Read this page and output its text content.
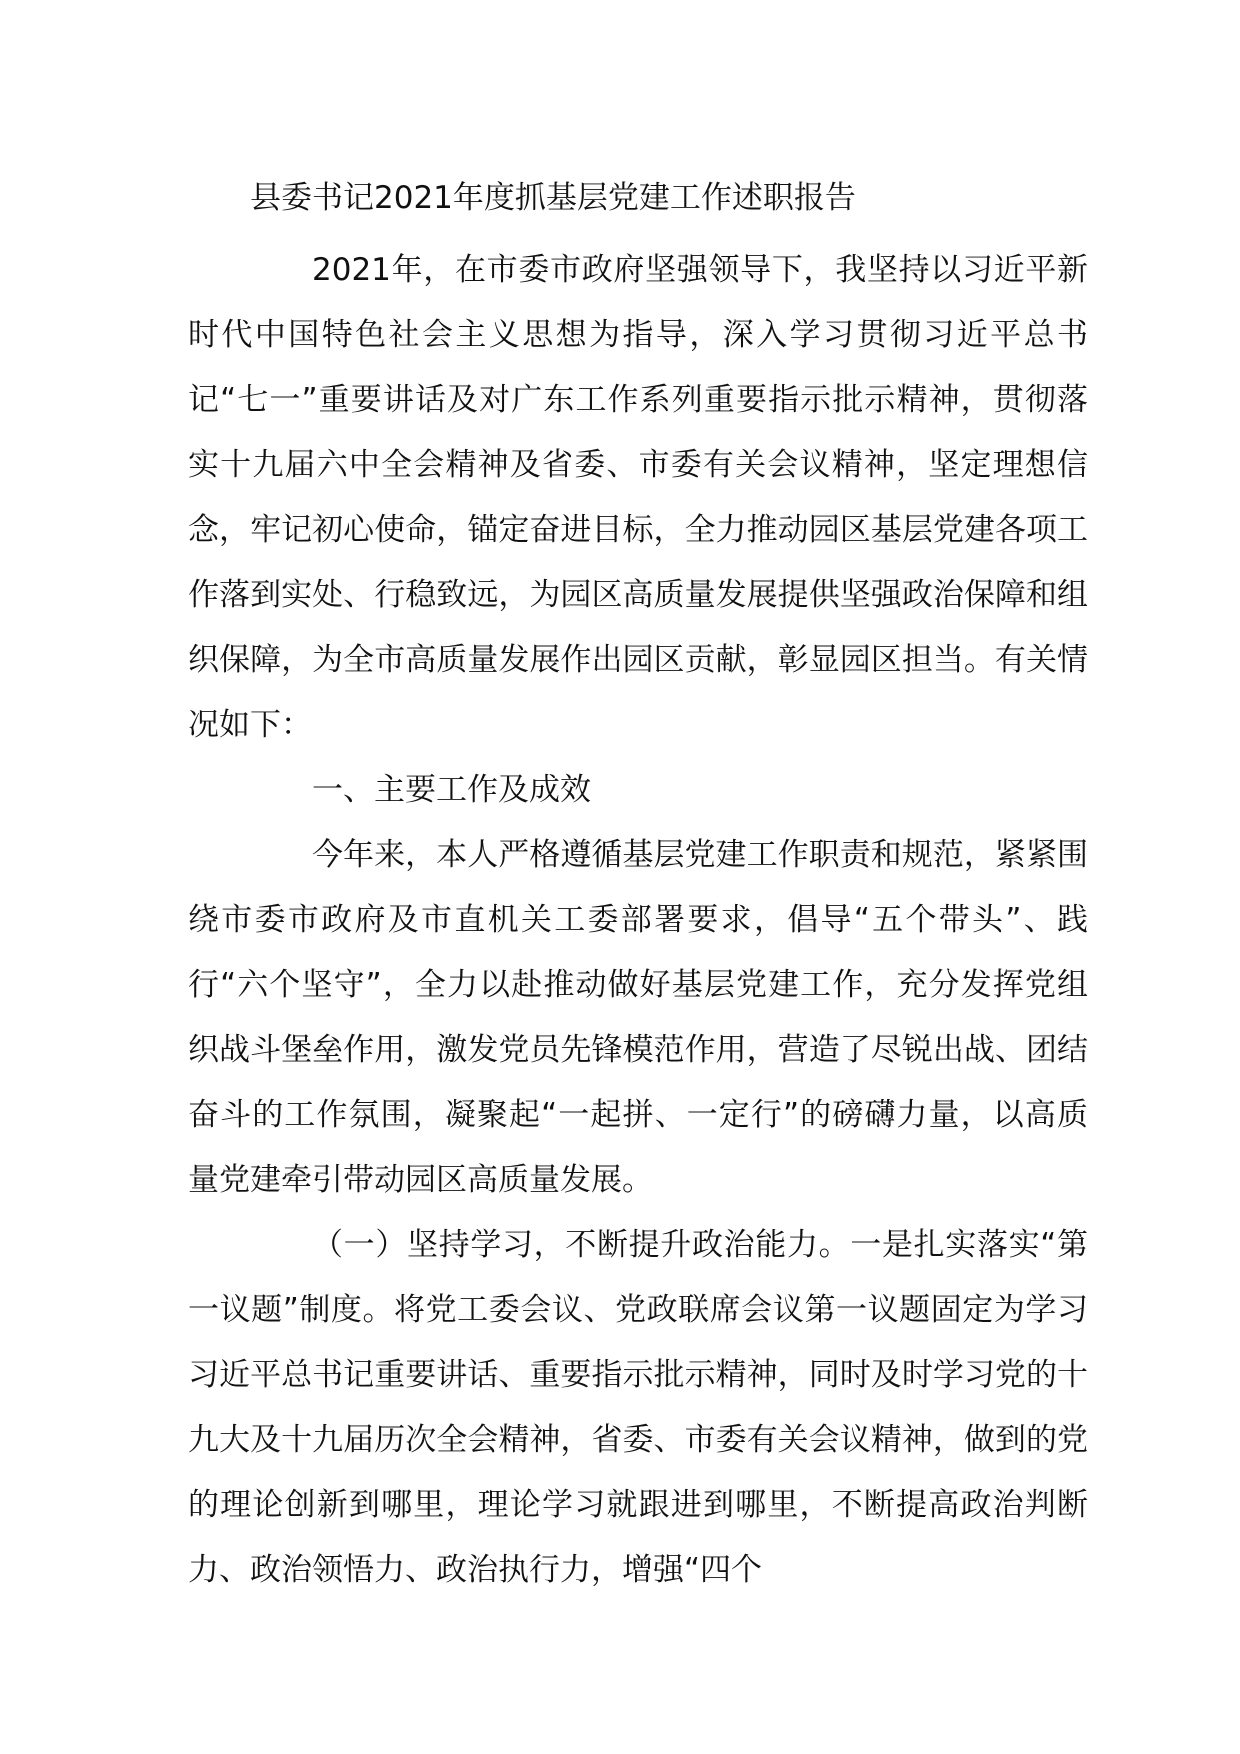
县委书记2021年度抓基层党建工作述职报告

2021年，在市委市政府坚强领导下，我坚持以习近平新时代中国特色社会主义思想为指导，深入学习贯彻习近平总书记“七一”重要讲话及对广东工作系列重要指示批示精神，贯彻落实十九届六中全会精神及省委、市委有关会议精神，坚定理想信念，牢记初心使命，锚定奋进目标，全力推动园区基层党建各项工作落到实处、行稳致远，为园区高质量发展提供坚强政治保障和组织保障，为全市高质量发展作出园区贡献，彰显园区担当。有关情况如下：

一、主要工作及成效

今年来，本人严格遵循基层党建工作职责和规范，紧紧围绕市委市政府及市直机关工委部署要求，倡导“五个带头”、践行“六个坚守”，全力以赴推动做好基层党建工作，充分发挥党组织战斗堡垒作用，激发党员先锋模范作用，营造了尽锐出战、团结奋斗的工作氛围，凝聚起“一起拼、一定行”的磅礴力量，以高质量党建牵引带动园区高质量发展。

（一）坚持学习，不断提升政治能力。一是扎实落实“第一议题”制度。将党工委会议、党政联席会议第一议题固定为学习习近平总书记重要讲话、重要指示批示精神，同时及时学习党的十九大及十九届历次全会精神，省委、市委有关会议精神，做到的党的理论创新到哪里，理论学习就跟进到哪里，不断提高政治判断力、政治领悟力、政治执行力，增强“四个
